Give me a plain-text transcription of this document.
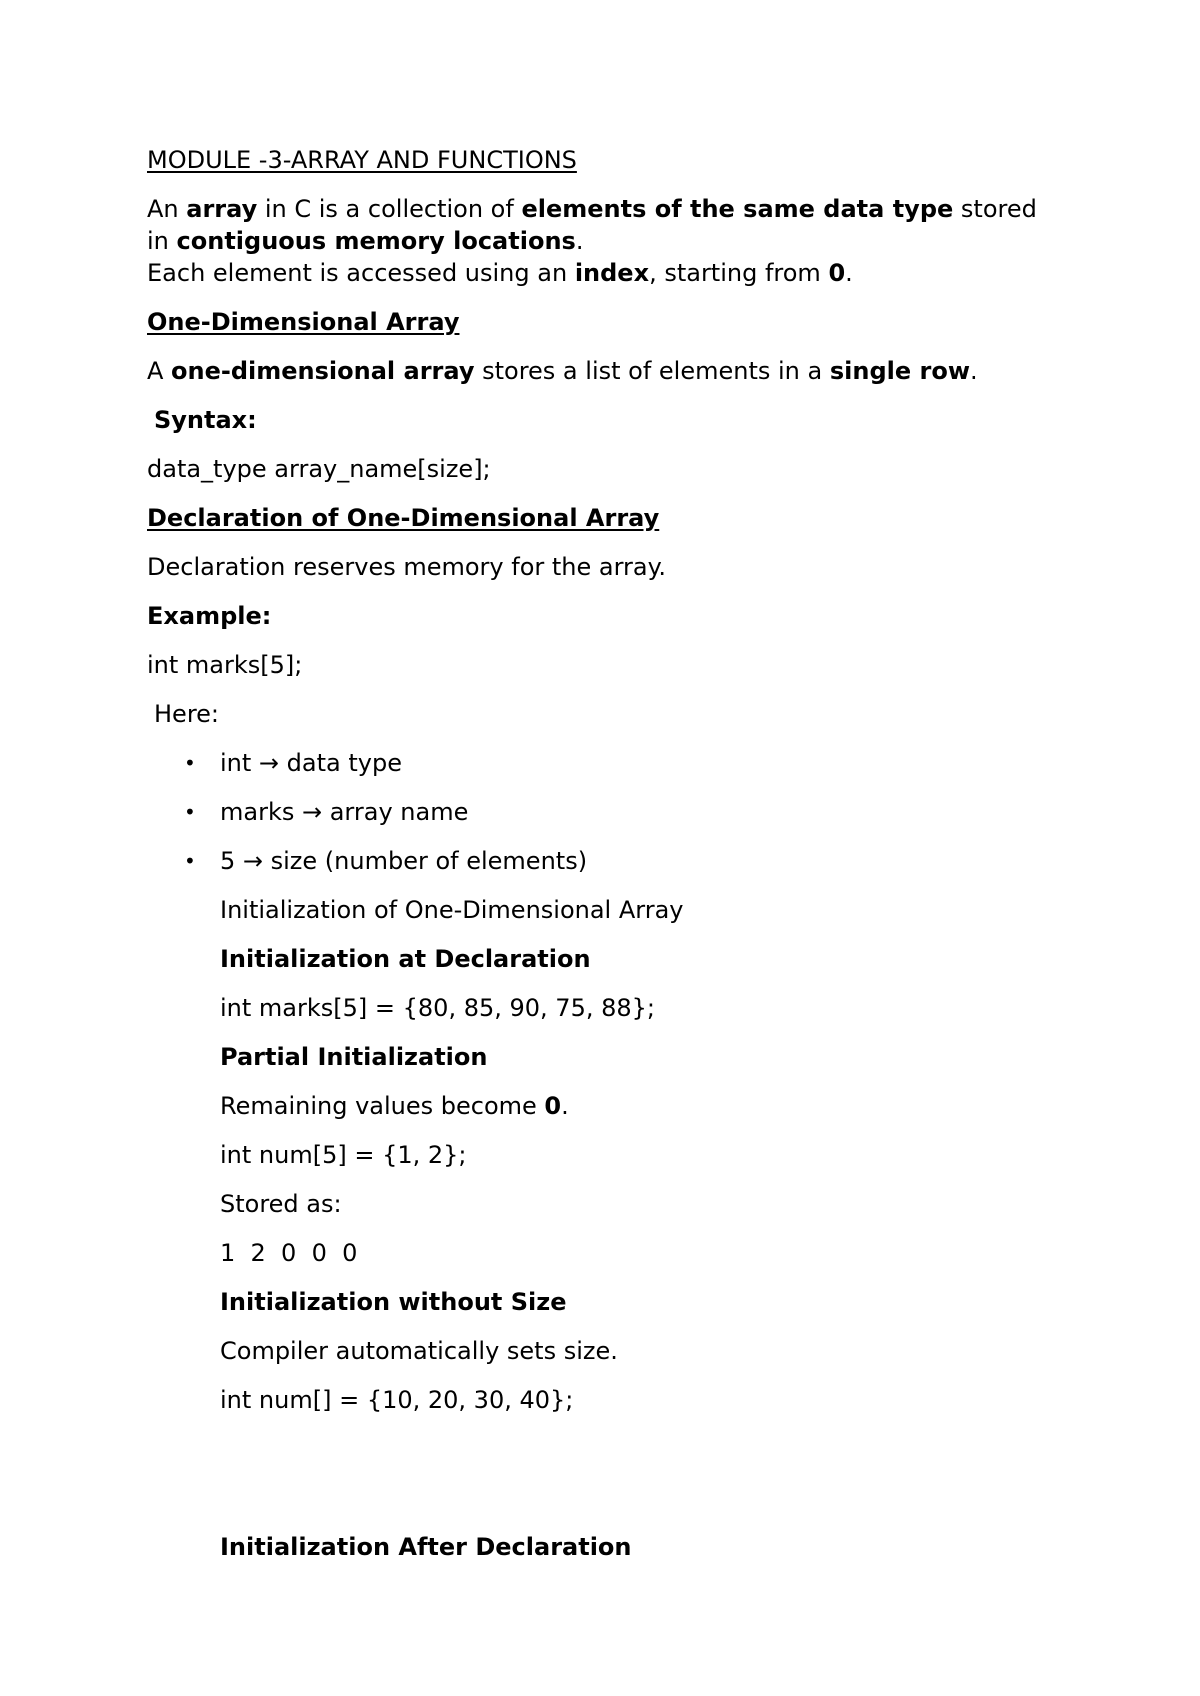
MODULE -3-ARRAY AND FUNCTIONS
An array in C is a collection of elements of the same data type stored
in contiguous memory locations.
Each element is accessed using an index, starting from 0.
One-Dimensional Array
A one-dimensional array stores a list of elements in a single row.
Syntax:
data_type array_name[size];
Declaration of One-Dimensional Array
Declaration reserves memory for the array.
Example:
int marks[5];
Here:
• int → data type
• marks → array name
• 5 → size (number of elements)
Initialization of One-Dimensional Array
Initialization at Declaration
int marks[5] = {80, 85, 90, 75, 88};
Partial Initialization
Remaining values become 0.
int num[5] = {1, 2};
Stored as:
1  2  0  0  0
Initialization without Size
Compiler automatically sets size.
int num[] = {10, 20, 30, 40};
Initialization After Declaration
